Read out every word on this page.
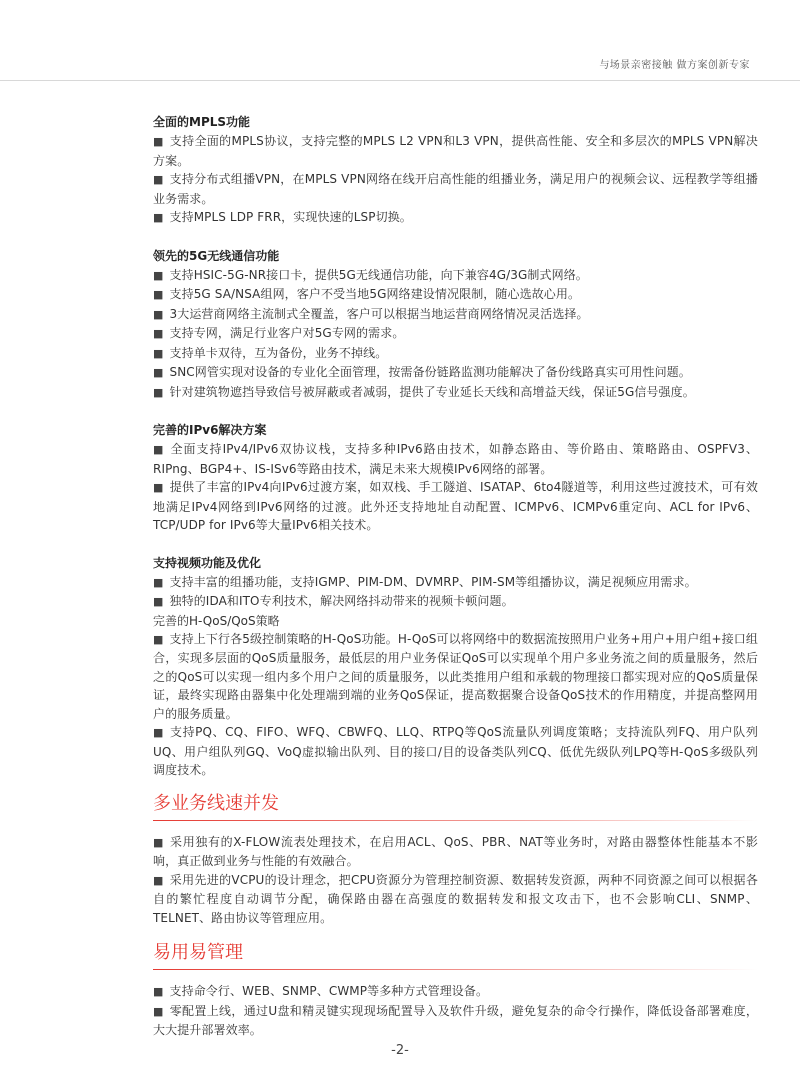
与场景亲密接触 做方案创新专家
全面的MPLS功能
■ 支持全面的MPLS协议，支持完整的MPLS L2 VPN和L3 VPN，提供高性能、安全和多层次的MPLS VPN解决方案。
■ 支持分布式组播VPN，在MPLS VPN网络在线开启高性能的组播业务，满足用户的视频会议、远程教学等组播业务需求。
■ 支持MPLS LDP FRR，实现快速的LSP切换。
领先的5G无线通信功能
■ 支持HSIC-5G-NR接口卡，提供5G无线通信功能，向下兼容4G/3G制式网络。
■ 支持5G SA/NSA组网，客户不受当地5G网络建设情况限制，随心选故心用。
■ 3大运营商网络主流制式全覆盖，客户可以根据当地运营商网络情况灵活选择。
■ 支持专网，满足行业客户对5G专网的需求。
■ 支持单卡双待，互为备份，业务不掉线。
■ SNC网管实现对设备的专业化全面管理，按需备份链路监测功能解决了备份线路真实可用性问题。
■ 针对建筑物遮挡导致信号被屏蔽或者减弱，提供了专业延长天线和高增益天线，保证5G信号强度。
完善的IPv6解决方案
■ 全面支持IPv4/IPv6双协议栈，支持多种IPv6路由技术，如静态路由、等价路由、策略路由、OSPFV3、RIPng、BGP4+、IS-ISv6等路由技术，满足未来大规模IPv6网络的部署。
■ 提供了丰富的IPv4向IPv6过渡方案，如双栈、手工隧道、ISATAP、6to4隧道等，利用这些过渡技术，可有效地满足IPv4网络到IPv6网络的过渡。此外还支持地址自动配置、ICMPv6、ICMPv6重定向、ACL for IPv6、TCP/UDP for IPv6等大量IPv6相关技术。
支持视频功能及优化
■ 支持丰富的组播功能，支持IGMP、PIM-DM、DVMRP、PIM-SM等组播协议，满足视频应用需求。
■ 独特的IDA和ITO专利技术，解决网络抖动带来的视频卡顿问题。
完善的H-QoS/QoS策略
■ 支持上下行各5级控制策略的H-QoS功能。H-QoS可以将网络中的数据流按照用户业务+用户+用户组+接口组合，实现多层面的QoS质量服务，最低层的用户业务保证QoS可以实现单个用户多业务流之间的质量服务，然后之的QoS可以实现一组内多个用户之间的质量服务，以此类推用户组和承载的物理接口都实现对应的QoS质量保证，最终实现路由器集中化处理端到端的业务QoS保证，提高数据聚合设备QoS技术的作用精度，并提高整网用户的服务质量。
■ 支持PQ、CQ、FIFO、WFQ、CBWFQ、LLQ、RTPQ等QoS流量队列调度策略；支持流队列FQ、用户队列UQ、用户组队列GQ、VoQ虚拟输出队列、目的接口/目的设备类队列CQ、低优先级队列LPQ等H-QoS多级队列调度技术。
多业务线速并发
■ 采用独有的X-FLOW流表处理技术，在启用ACL、QoS、PBR、NAT等业务时，对路由器整体性能基本不影响，真正做到业务与性能的有效融合。
■ 采用先进的VCPU的设计理念，把CPU资源分为管理控制资源、数据转发资源，两种不同资源之间可以根据各自的繁忙程度自动调节分配，确保路由器在高强度的数据转发和报文攻击下，也不会影响CLI、SNMP、TELNET、路由协议等管理应用。
易用易管理
■ 支持命令行、WEB、SNMP、CWMP等多种方式管理设备。
■ 零配置上线，通过U盘和精灵键实现现场配置导入及软件升级，避免复杂的命令行操作，降低设备部署难度，大大提升部署效率。
-2-
